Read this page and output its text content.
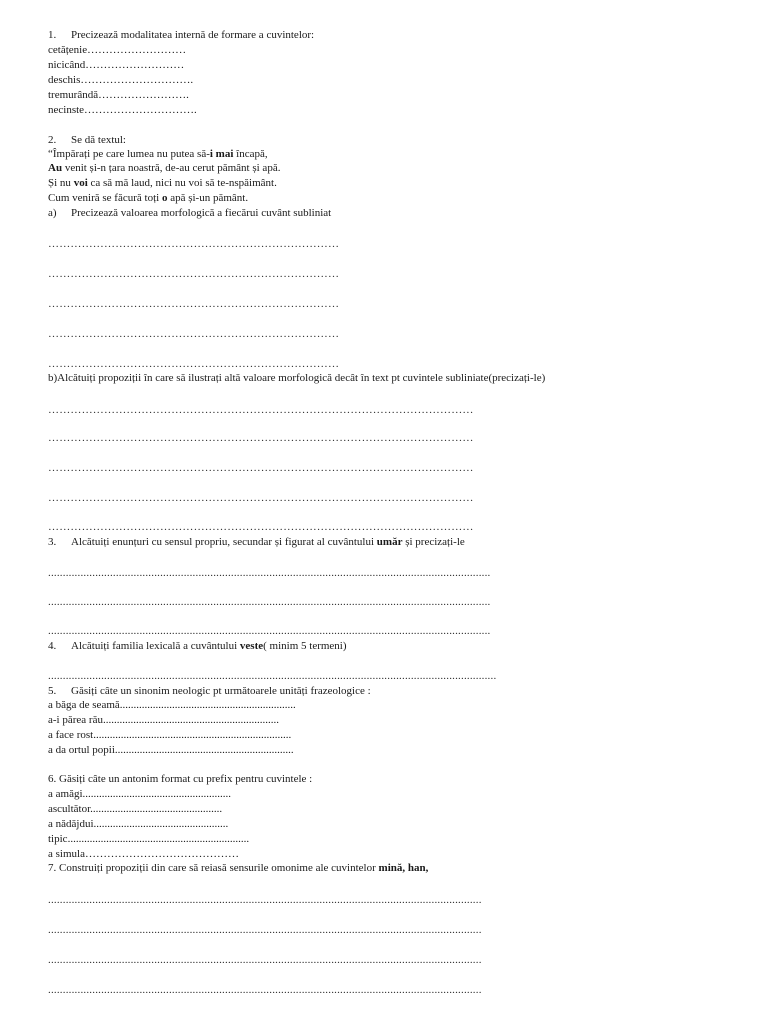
1. Precizează modalitatea internă de formare a cuvintelor:
cetățenie………………………
nicicând………………………
deschis………………………….
tremurândă…………………….
necinste………………………….
2. Se dă textul:
“Împărați pe care lumea nu putea să-i mai încapă,
Au venit și-n țara noastră, de-au cerut pământ și apă.
Și nu voi ca să mă laud, nici nu voi să te-nspăimânt.
Cum veniră se făcură toți o apă și-un pământ.
a) Precizează valoarea morfologică a fiecărui cuvânt subliniat
……………………………………………………………………
……………………………………………………………………
……………………………………………………………………
……………………………………………………………………
……………………………………………………………………
b)Alcătuiți propoziții în care să ilustrați altă valoare morfologică decât în text pt cuvintele subliniate(precizați-le)
……………………………………………………………………………………………………
……………………………………………………………………………………………………
……………………………………………………………………………………………………
……………………………………………………………………………………………………
……………………………………………………………………………………………………
3. Alcătuiți enunțuri cu sensul propriu, secundar și figurat al cuvântului umăr și precizați-le
......................................................................................................................................................
......................................................................................................................................................
......................................................................................................................................................
4. Alcătuiți familia lexicală a cuvântului veste( minim 5 termeni)
........................................................................................................................................................
5. Găsiți câte un sinonim neologic pt următoarele unități frazeologice :
a băga de seamă................................................................
a-i părea rău................................................................
a face rost........................................................................
a da ortul popii.................................................................
6. Găsiți câte un antonim format cu prefix pentru cuvintele :
a amăgi......................................................
ascultător................................................
a nădăjdui.................................................
tipic..................................................................
a simula……………………………………
7. Construiți propoziții din care să reiasă sensurile omonime ale cuvintelor mină, han,
...................................................................................................................................................
...................................................................................................................................................
...................................................................................................................................................
...................................................................................................................................................
